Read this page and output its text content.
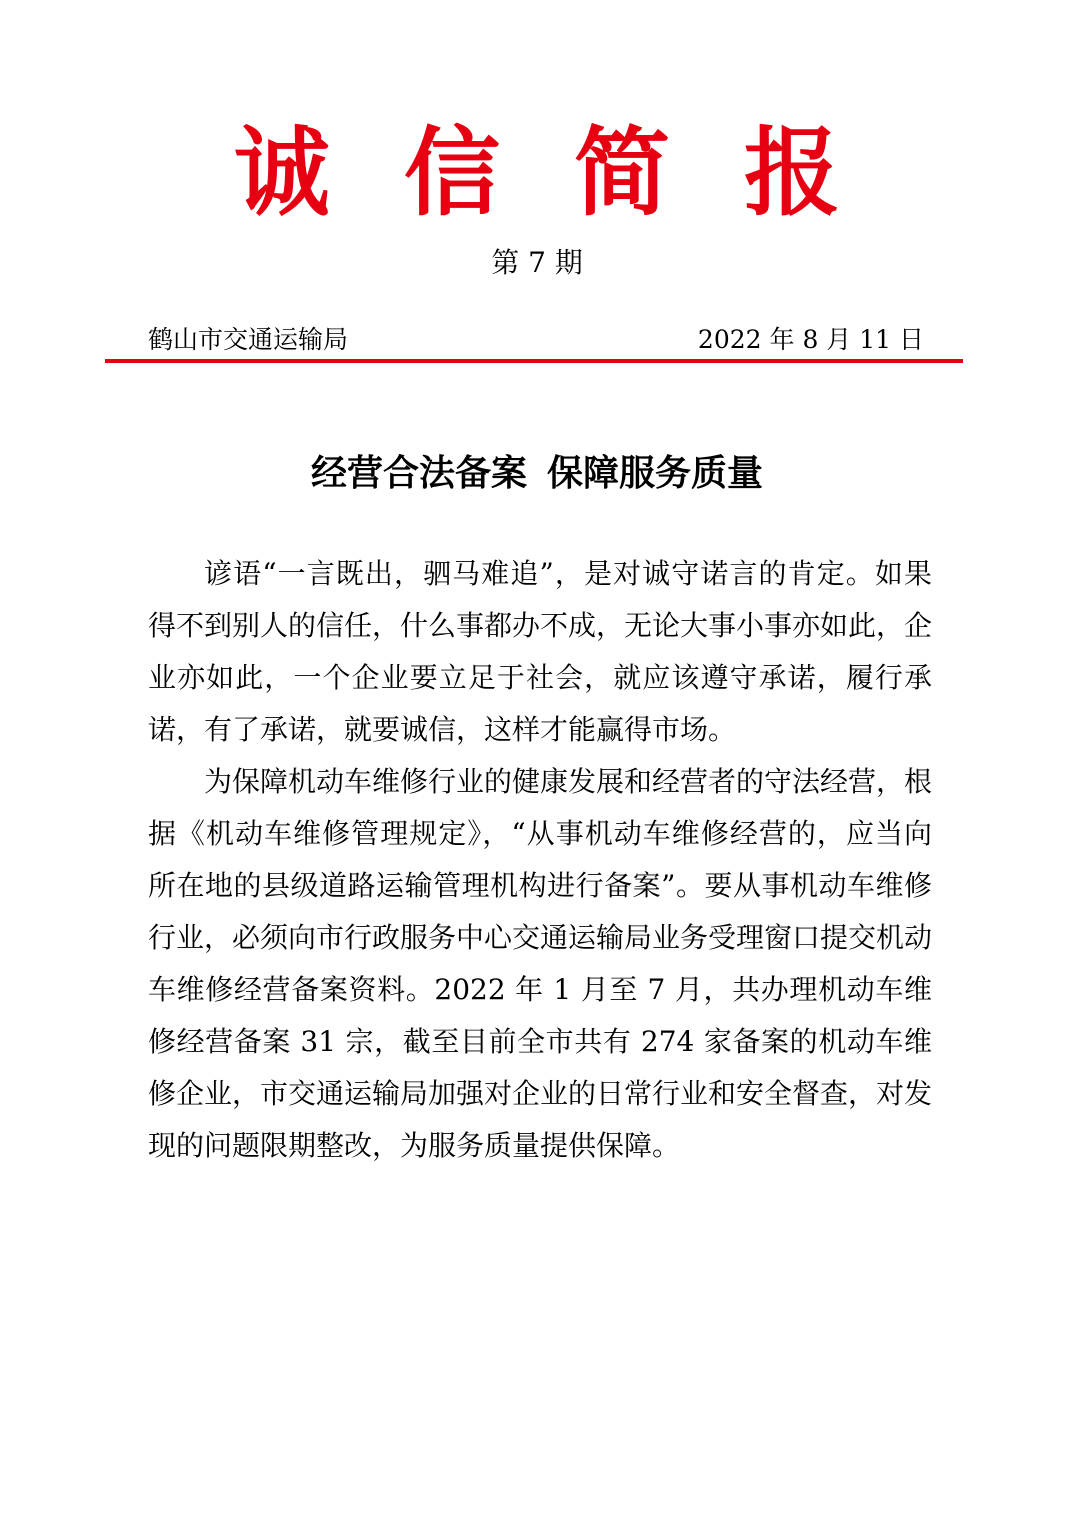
诚 信 简 报
第 7 期
鹤山市交通运输局	2022 年 8 月 11 日
经营合法备案 保障服务质量

谚语“一言既出，驷马难追”，是对诚守诺言的肯定。如果得不到别人的信任，什么事都办不成，无论大事小事亦如此，企业亦如此，一个企业要立足于社会，就应该遵守承诺，履行承诺，有了承诺，就要诚信，这样才能赢得市场。

为保障机动车维修行业的健康发展和经营者的守法经营，根据《机动车维修管理规定》，“从事机动车维修经营的，应当向所在地的县级道路运输管理机构进行备案”。要从事机动车维修行业，必须向市行政服务中心交通运输局业务受理窗口提交机动车维修经营备案资料。2022 年 1 月至 7 月，共办理机动车维修经营备案 31 宗，截至目前全市共有 274 家备案的机动车维修企业，市交通运输局加强对企业的日常行业和安全督查，对发现的问题限期整改，为服务质量提供保障。
